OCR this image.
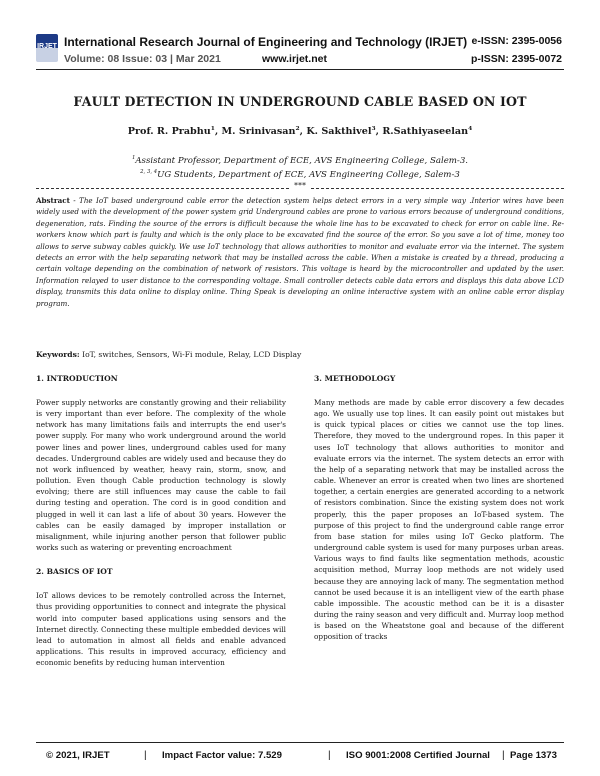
IRJET International Research Journal of Engineering and Technology (IRJET)
Volume: 08 Issue: 03 | Mar 2021	www.irjet.net
e-ISSN: 2395-0056
p-ISSN: 2395-0072
FAULT DETECTION IN UNDERGROUND CABLE BASED ON IOT
Prof. R. Prabhu$^1$, M. Srinivasan$^2$, K. Sakthivel$^3$, R.Sathiyaseelan$^4$
$^1$Assistant Professor, Department of ECE, AVS Engineering College, Salem-3.
$^{2, 3, 4}$UG Students, Department of ECE, AVS Engineering College, Salem-3
***

Abstract - The IoT based underground cable error the detection system helps detect errors in a very simple way .Interior wires have been widely used with the development of the power system grid Underground cables are prone to various errors because of underground conditions, degeneration, rats. Finding the source of the errors is difficult because the whole line has to be excavated to check for error on cable line. Re-workers know which part is faulty and which is the only place to be excavated find the source of the error. So you save a lot of time, money too allows to serve subway cables quickly. We use IoT technology that allows authorities to monitor and evaluate error via the internet. The system detects an error with the help separating network that may be installed across the cable. When a mistake is created by a thread, producing a certain voltage depending on the combination of network of resistors. This voltage is heard by the microcontroller and updated by the user. Information relayed to user distance to the corresponding voltage. Small controller detects cable data errors and displays this data above LCD display, transmits this data online to display online. Thing Speak is developing an online interactive system with an online cable error display program.

Keywords: IoT, switches, Sensors, Wi-Fi module, Relay, LCD Display

1. INTRODUCTION

Power supply networks are constantly growing and their reliability is very important than ever before. The complexity of the whole network has many limitations fails and interrupts the end user's power supply. For many who work underground around the world power lines and power lines, underground cables used for many decades. Underground cables are widely used and because they do not work influenced by weather, heavy rain, storm, snow, and pollution. Even though Cable production technology is slowly evolving; there are still influences may cause the cable to fail during testing and operation. The cord is in good condition and plugged in well it can last a life of about 30 years. However the cables can be easily damaged by improper installation or misalignment, while injuring another person that follower public works such as watering or preventing encroachment

2. BASICS OF IOT

IoT allows devices to be remotely controlled across the Internet, thus providing opportunities to connect and integrate the physical world into computer based applications using sensors and the Internet directly. Connecting these multiple embedded devices will lead to automation in almost all fields and enable advanced applications. This results in improved accuracy, efficiency and economic benefits by reducing human intervention

3. METHODOLOGY

Many methods are made by cable error discovery a few decades ago. We usually use top lines. It can easily point out mistakes but is quick typical places or cities we cannot use the top lines. Therefore, they moved to the underground ropes. In this paper it uses IoT technology that allows authorities to monitor and evaluate errors via the internet. The system detects an error with the help of a separating network that may be installed across the cable. Whenever an error is created when two lines are shortened together, a certain energies are generated according to a network of resistors combination. Since the existing system does not work properly, this the paper proposes an IoT-based system. The purpose of this project to find the underground cable range error from base station for miles using IoT Gecko platform. The underground cable system is used for many purposes urban areas. Various ways to find faults like segmentation methods, acoustic acquisition method, Murray loop methods are not widely used because they are annoying lack of many. The segmentation method cannot be used because it is an intelligent view of the earth phase cable impossible. The acoustic method can be it is a disaster during the rainy season and very difficult and. Murray loop method is based on the Wheatstone goal and because of the different opposition of tracks

© 2021, IRJET	| Impact Factor value: 7.529	| ISO 9001:2008 Certified Journal | Page 1373
